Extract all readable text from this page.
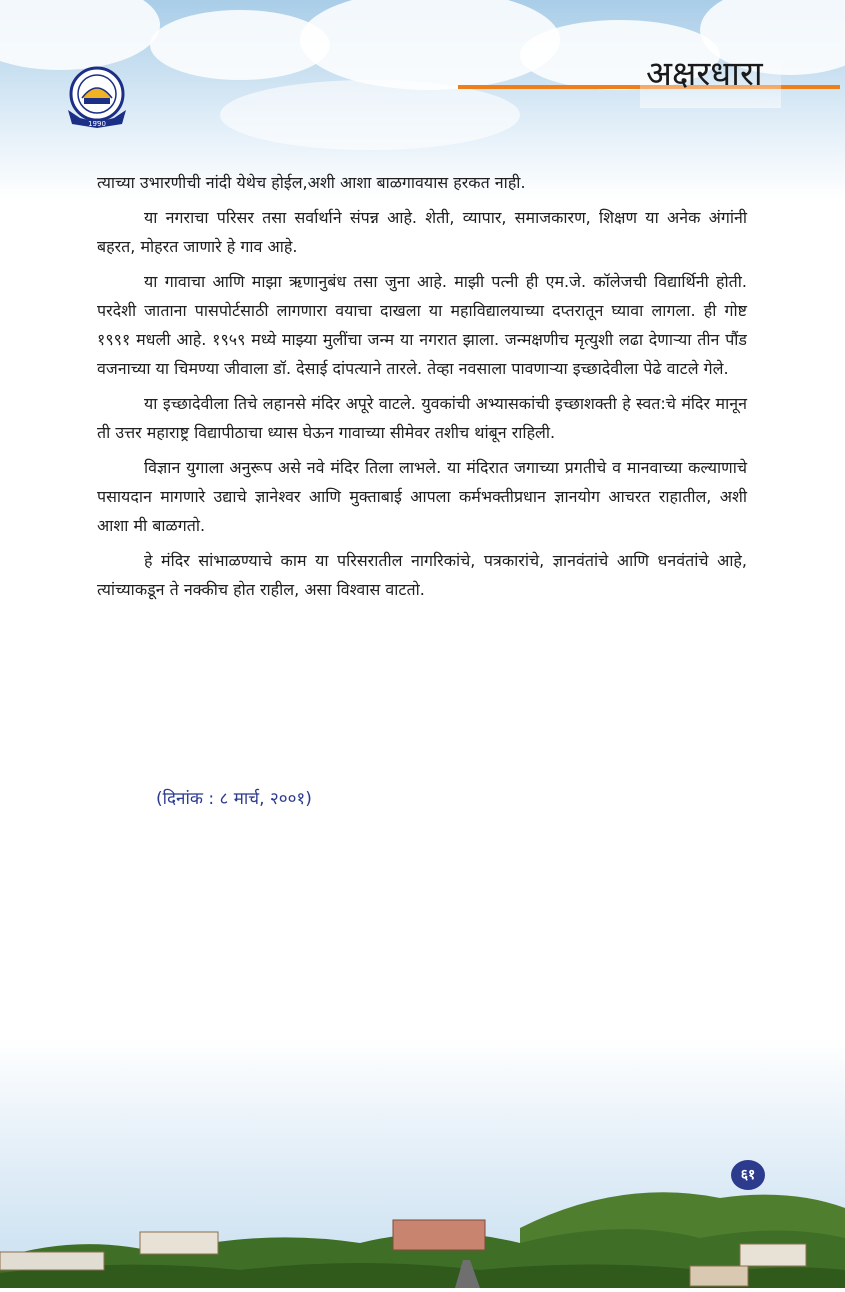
1990
अक्षरधारा

त्याच्या उभारणीची नांदी येथेच होईल,अशी आशा बाळगावयास हरकत नाही.

या नगराचा परिसर तसा सर्वार्थाने संपन्न आहे. शेती, व्यापार, समाजकारण, शिक्षण या अनेक अंगांनी बहरत, मोहरत जाणारे हे गाव आहे.

या गावाचा आणि माझा ऋणानुबंध तसा जुना आहे. माझी पत्नी ही एम.जे. कॉलेजची विद्यार्थिनी होती. परदेशी जाताना पासपोर्टसाठी लागणारा वयाचा दाखला या महाविद्यालयाच्या दप्तरातून घ्यावा लागला. ही गोष्ट १९९१ मधली आहे. १९५९ मध्ये माझ्या मुलींचा जन्म या नगरात झाला. जन्मक्षणीच मृत्युशी लढा देणाऱ्या तीन पौंड वजनाच्या या चिमण्या जीवाला डॉ. देसाई दांपत्याने तारले. तेव्हा नवसाला पावणाऱ्या इच्छादेवीला पेढे वाटले गेले.

या इच्छादेवीला तिचे लहानसे मंदिर अपूरे वाटले. युवकांची अभ्यासकांची इच्छाशक्ती हे स्वत:चे मंदिर मानून ती उत्तर महाराष्ट्र विद्यापीठाचा ध्यास घेऊन गावाच्या सीमेवर तशीच थांबून राहिली.

विज्ञान युगाला अनुरूप असे नवे मंदिर तिला लाभले. या मंदिरात जगाच्या प्रगतीचे व मानवाच्या कल्याणाचे पसायदान मागणारे उद्याचे ज्ञानेश्वर आणि मुक्ताबाई आपला कर्मभक्तीप्रधान ज्ञानयोग आचरत राहातील, अशी आशा मी बाळगतो.

हे मंदिर सांभाळण्याचे काम या परिसरातील नागरिकांचे, पत्रकारांचे, ज्ञानवंतांचे आणि धनवंतांचे आहे, त्यांच्याकडून ते नक्कीच होत राहील, असा विश्वास वाटतो.

(दिनांक : ८ मार्च, २००१)
६१
